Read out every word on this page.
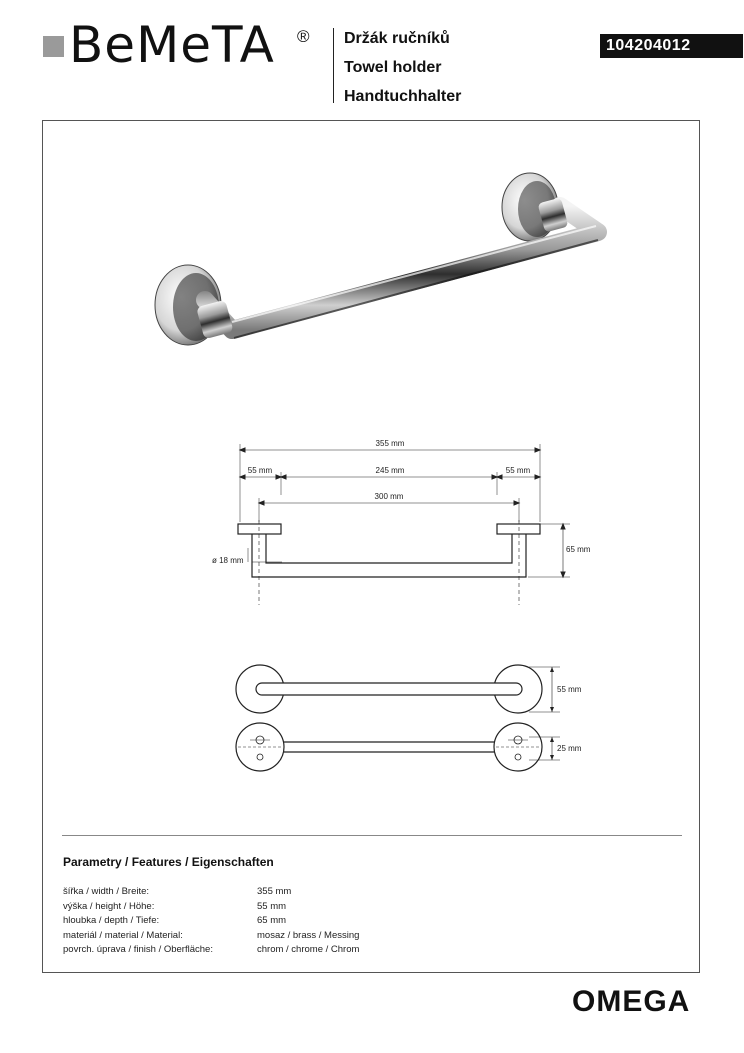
BeMeTA ® Držák ručníků
Towel holder
Handtuchhalter
104204012
355 mm
55 mm	245 mm	55 mm
300 mm
65 mm
ø 18 mm
55 mm
25 mm
Parametry / Features / Eigenschaften
šířka / width / Breite:	355 mm
výška / height / Höhe:	55 mm
hloubka / depth / Tiefe:	65 mm
materiál / material / Material:	mosaz / brass / Messing
povrch. úprava / finish / Oberfläche:	chrom / chrome / Chrom
OMEGA
